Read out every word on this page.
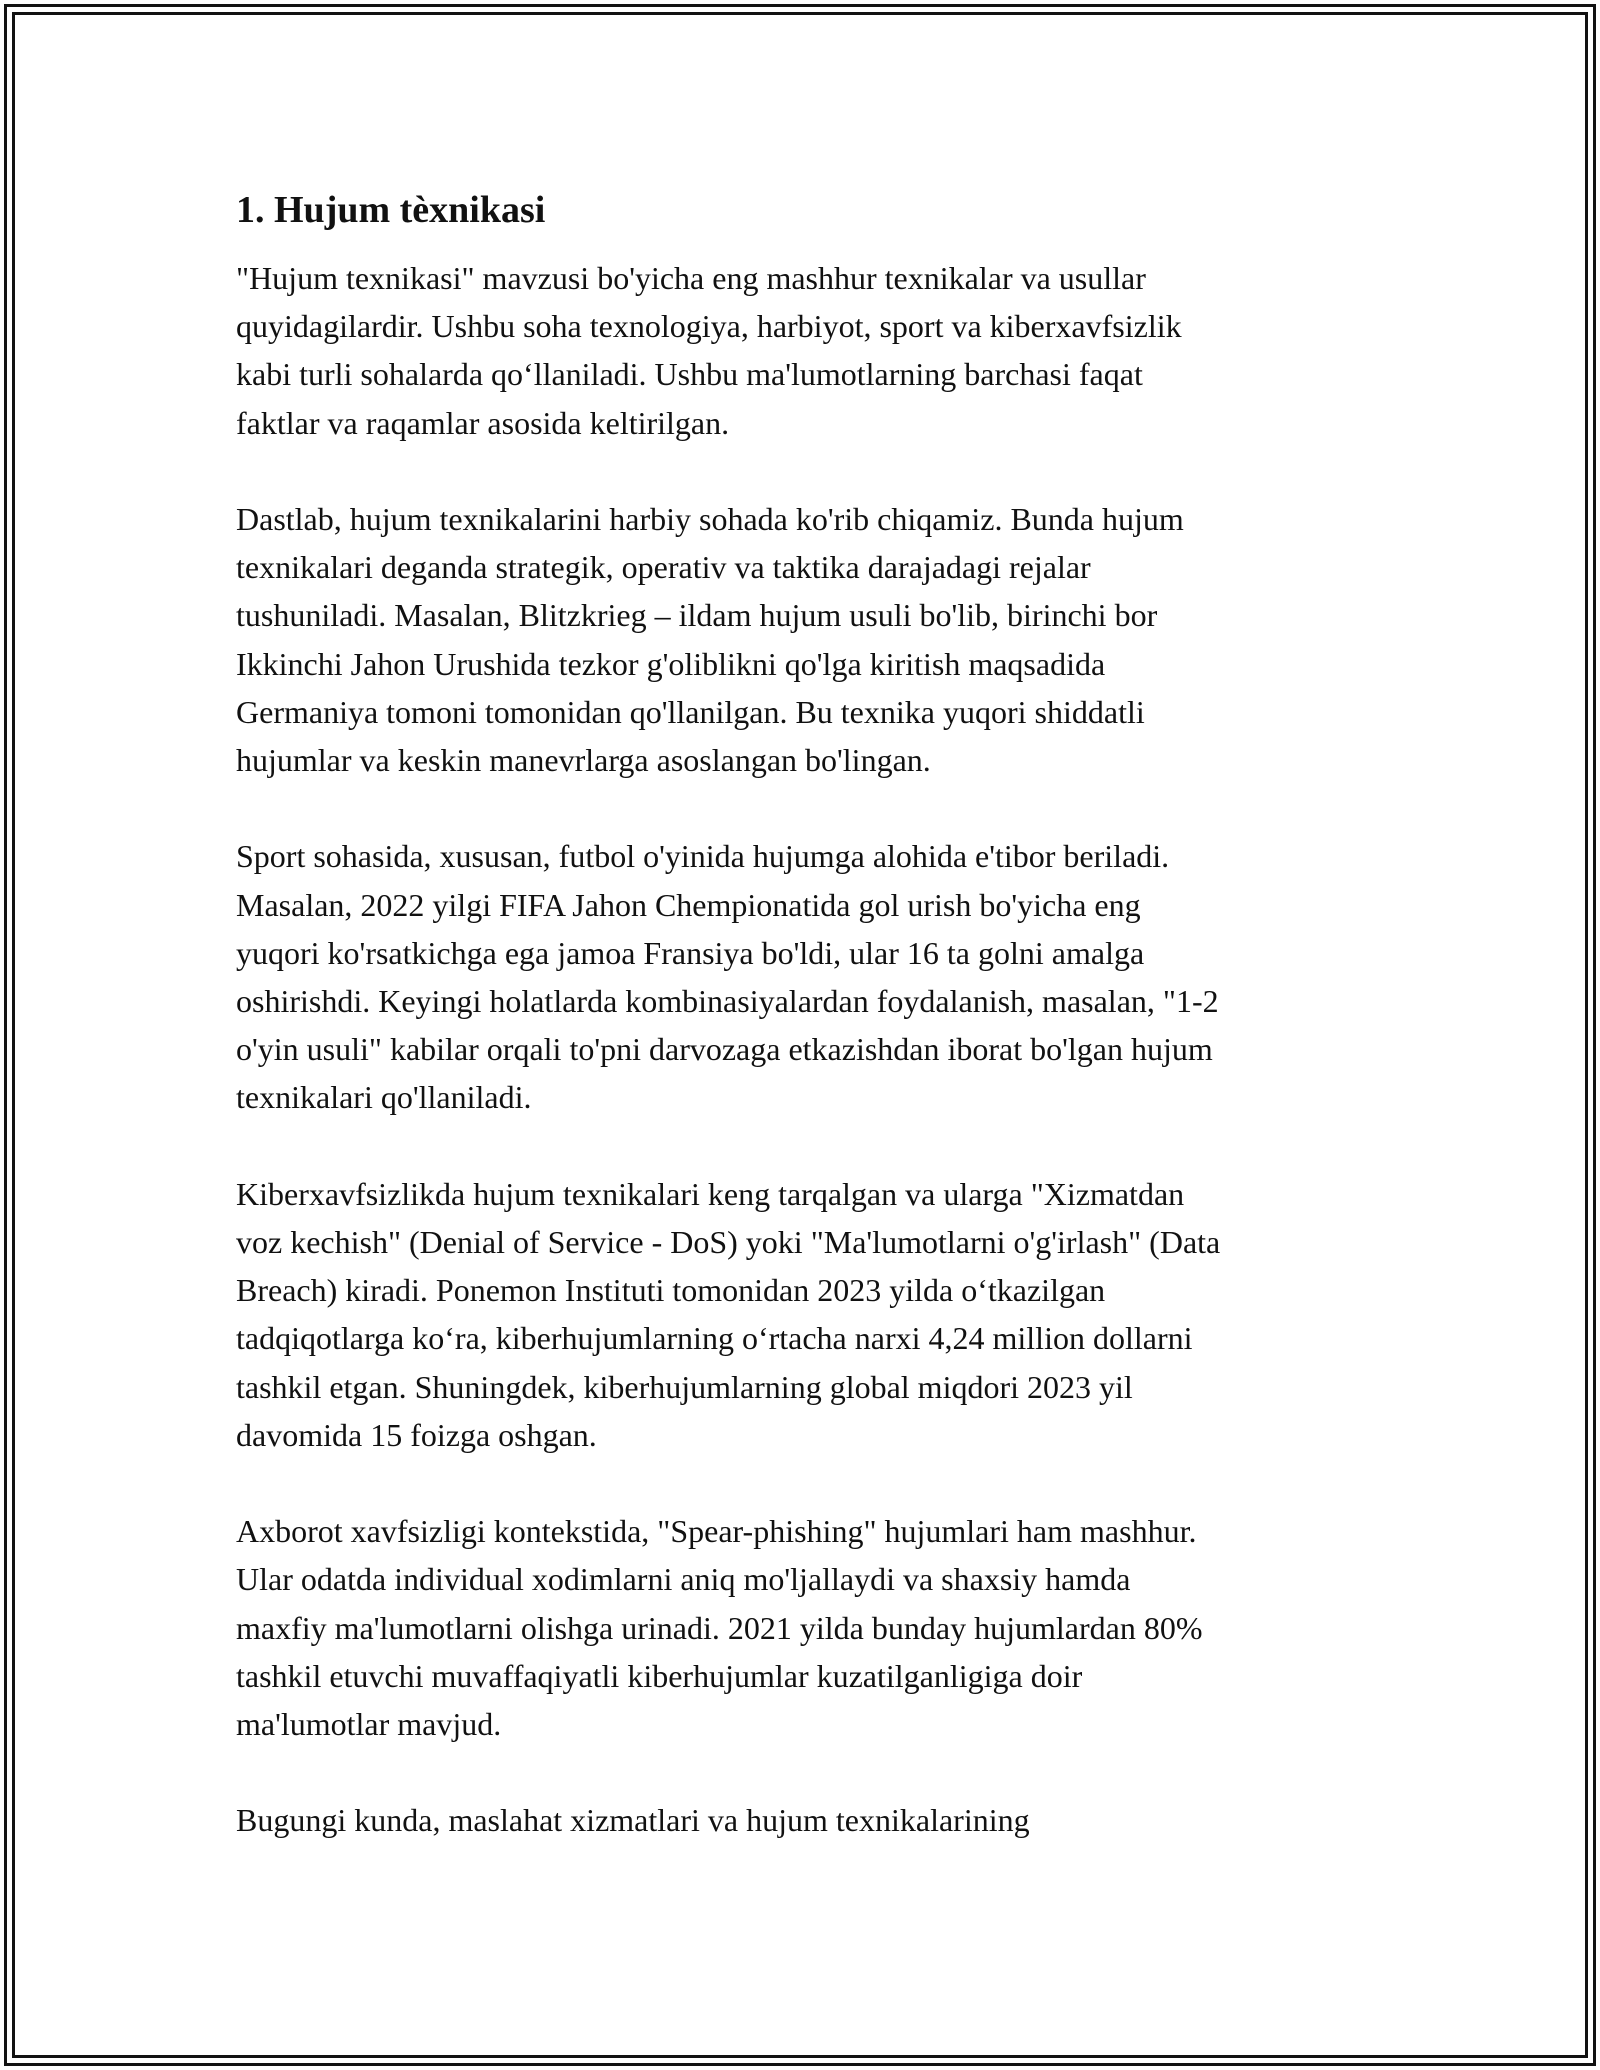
1. Hujum tèxnikasi

"Hujum texnikasi" mavzusi bo'yicha eng mashhur texnikalar va usullar
quyidagilardir. Ushbu soha texnologiya, harbiyot, sport va kiberxavfsizlik
kabi turli sohalarda qo‘llaniladi. Ushbu ma'lumotlarning barchasi faqat
faktlar va raqamlar asosida keltirilgan.

Dastlab, hujum texnikalarini harbiy sohada ko'rib chiqamiz. Bunda hujum
texnikalari deganda strategik, operativ va taktika darajadagi rejalar
tushuniladi. Masalan, Blitzkrieg – ildam hujum usuli bo'lib, birinchi bor
Ikkinchi Jahon Urushida tezkor g'oliblikni qo'lga kiritish maqsadida
Germaniya tomoni tomonidan qo'llanilgan. Bu texnika yuqori shiddatli
hujumlar va keskin manevrlarga asoslangan bo'lingan.

Sport sohasida, xususan, futbol o'yinida hujumga alohida e'tibor beriladi.
Masalan, 2022 yilgi FIFA Jahon Chempionatida gol urish bo'yicha eng
yuqori ko'rsatkichga ega jamoa Fransiya bo'ldi, ular 16 ta golni amalga
oshirishdi. Keyingi holatlarda kombinasiyalardan foydalanish, masalan, "1-2
o'yin usuli" kabilar orqali to'pni darvozaga etkazishdan iborat bo'lgan hujum
texnikalari qo'llaniladi.

Kiberxavfsizlikda hujum texnikalari keng tarqalgan va ularga "Xizmatdan
voz kechish" (Denial of Service - DoS) yoki "Ma'lumotlarni o'g'irlash" (Data
Breach) kiradi. Ponemon Instituti tomonidan 2023 yilda o‘tkazilgan
tadqiqotlarga ko‘ra, kiberhujumlarning o‘rtacha narxi 4,24 million dollarni
tashkil etgan. Shuningdek, kiberhujumlarning global miqdori 2023 yil
davomida 15 foizga oshgan.

Axborot xavfsizligi kontekstida, "Spear-phishing" hujumlari ham mashhur.
Ular odatda individual xodimlarni aniq mo'ljallaydi va shaxsiy hamda
maxfiy ma'lumotlarni olishga urinadi. 2021 yilda bunday hujumlardan 80%
tashkil etuvchi muvaffaqiyatli kiberhujumlar kuzatilganligiga doir
ma'lumotlar mavjud.

Bugungi kunda, maslahat xizmatlari va hujum texnikalarining
